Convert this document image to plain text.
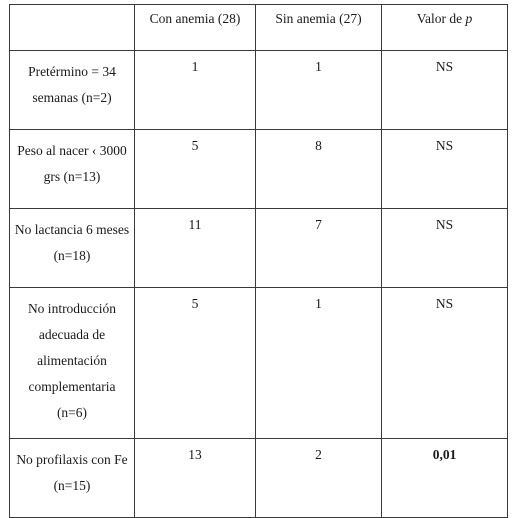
	Con anemia (28)	Sin anemia (27)	Valor de p
Pretérmino = 34 semanas (n=2)	1	1	NS
Peso al nacer ‹ 3000 grs (n=13)	5	8	NS
No lactancia 6 meses (n=18)	11	7	NS
No introducción adecuada de alimentación complementaria (n=6)	5	1	NS
No profilaxis con Fe (n=15)	13	2	0,01
